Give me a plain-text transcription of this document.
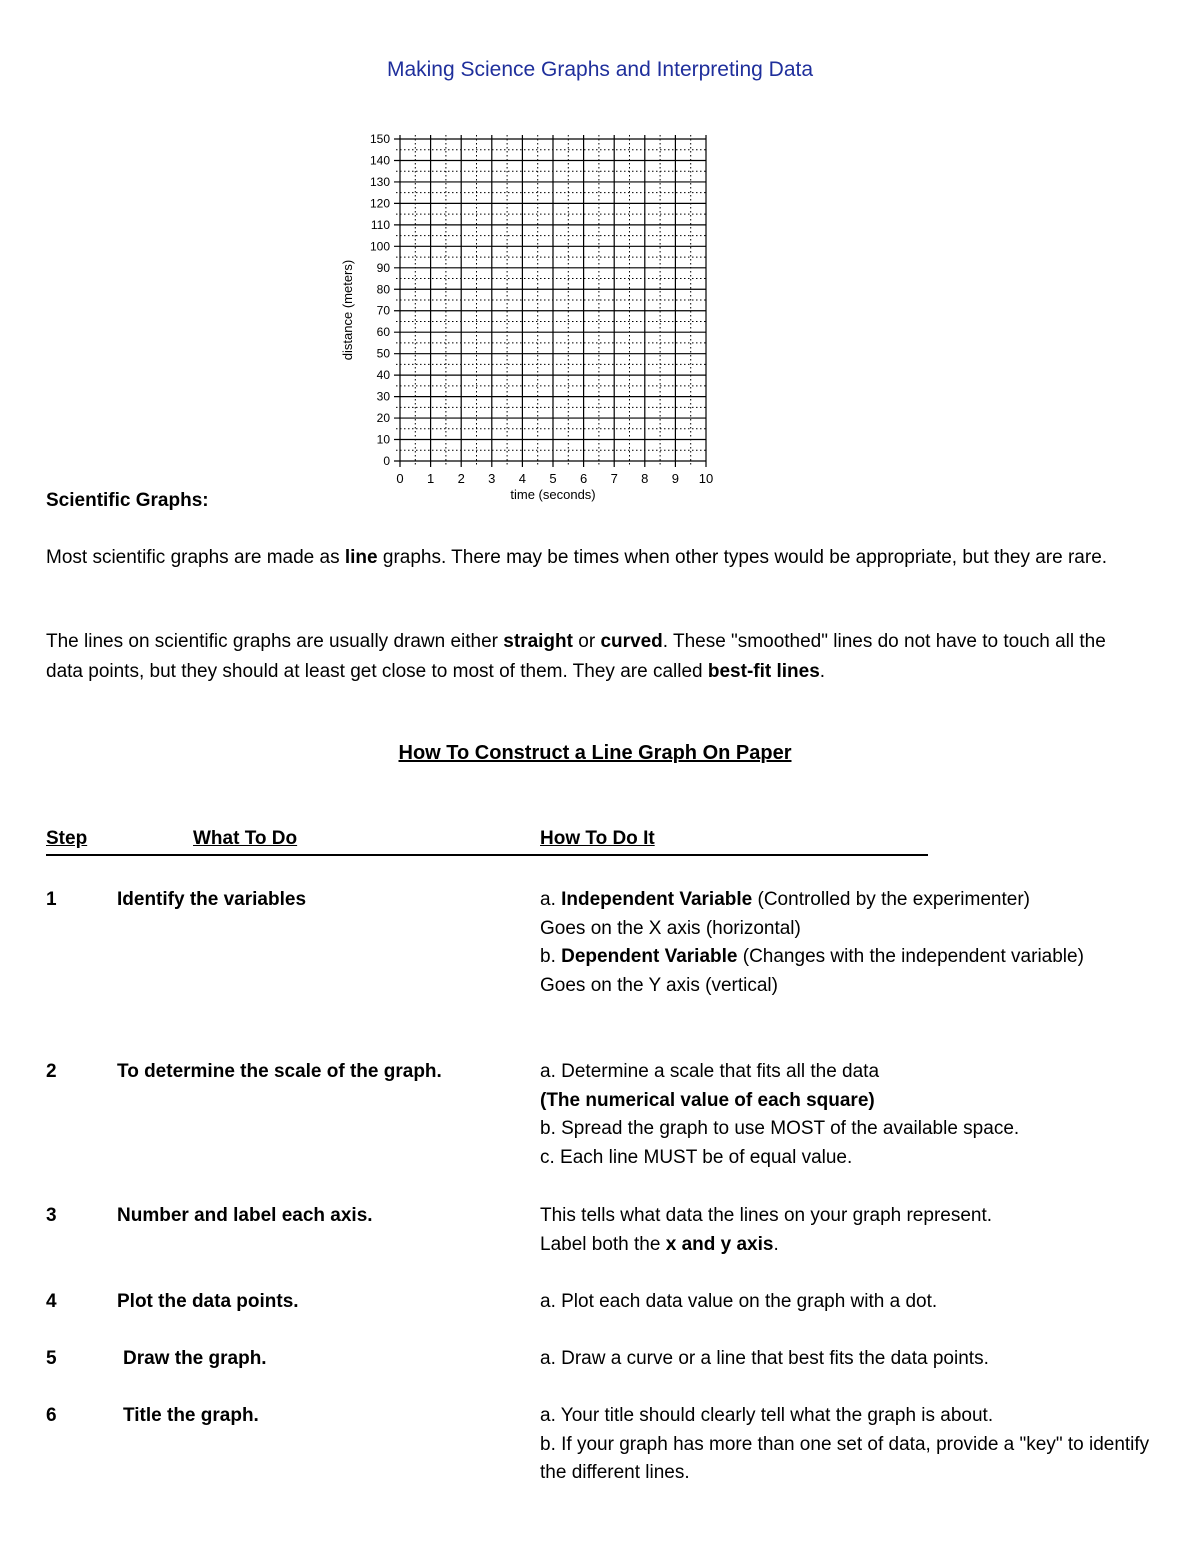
Making Science Graphs and Interpreting Data
0 1 2 3 4 5 6 7 8 9 10
0
10
20
30
40
50
60
70
80
90
100
110
120
130
140
150
time (seconds)
distance (meters)
Scientific Graphs:
Most scientific graphs are made as line graphs. There may be times when other types would be appropriate, but they are rare.
The lines on scientific graphs are usually drawn either straight or curved. These "smoothed" lines do not have to touch all the data points, but they should at least get close to most of them. They are called best-fit lines.
How To Construct a Line Graph On Paper
Step	What To Do	How To Do It
1	Identify the variables	a. Independent Variable (Controlled by the experimenter)
Goes on the X axis (horizontal)
b. Dependent Variable (Changes with the independent variable)
Goes on the Y axis (vertical)
2	To determine the scale of the graph.	a. Determine a scale that fits all the data
(The numerical value of each square)
b. Spread the graph to use MOST of the available space.
c. Each line MUST be of equal value.
3	Number and label each axis.	This tells what data the lines on your graph represent.
Label both the x and y axis.
4	Plot the data points.	a. Plot each data value on the graph with a dot.
5	Draw the graph.	a. Draw a curve or a line that best fits the data points.
6	Title the graph.	a. Your title should clearly tell what the graph is about.
b. If your graph has more than one set of data, provide a "key" to identify the different lines.
